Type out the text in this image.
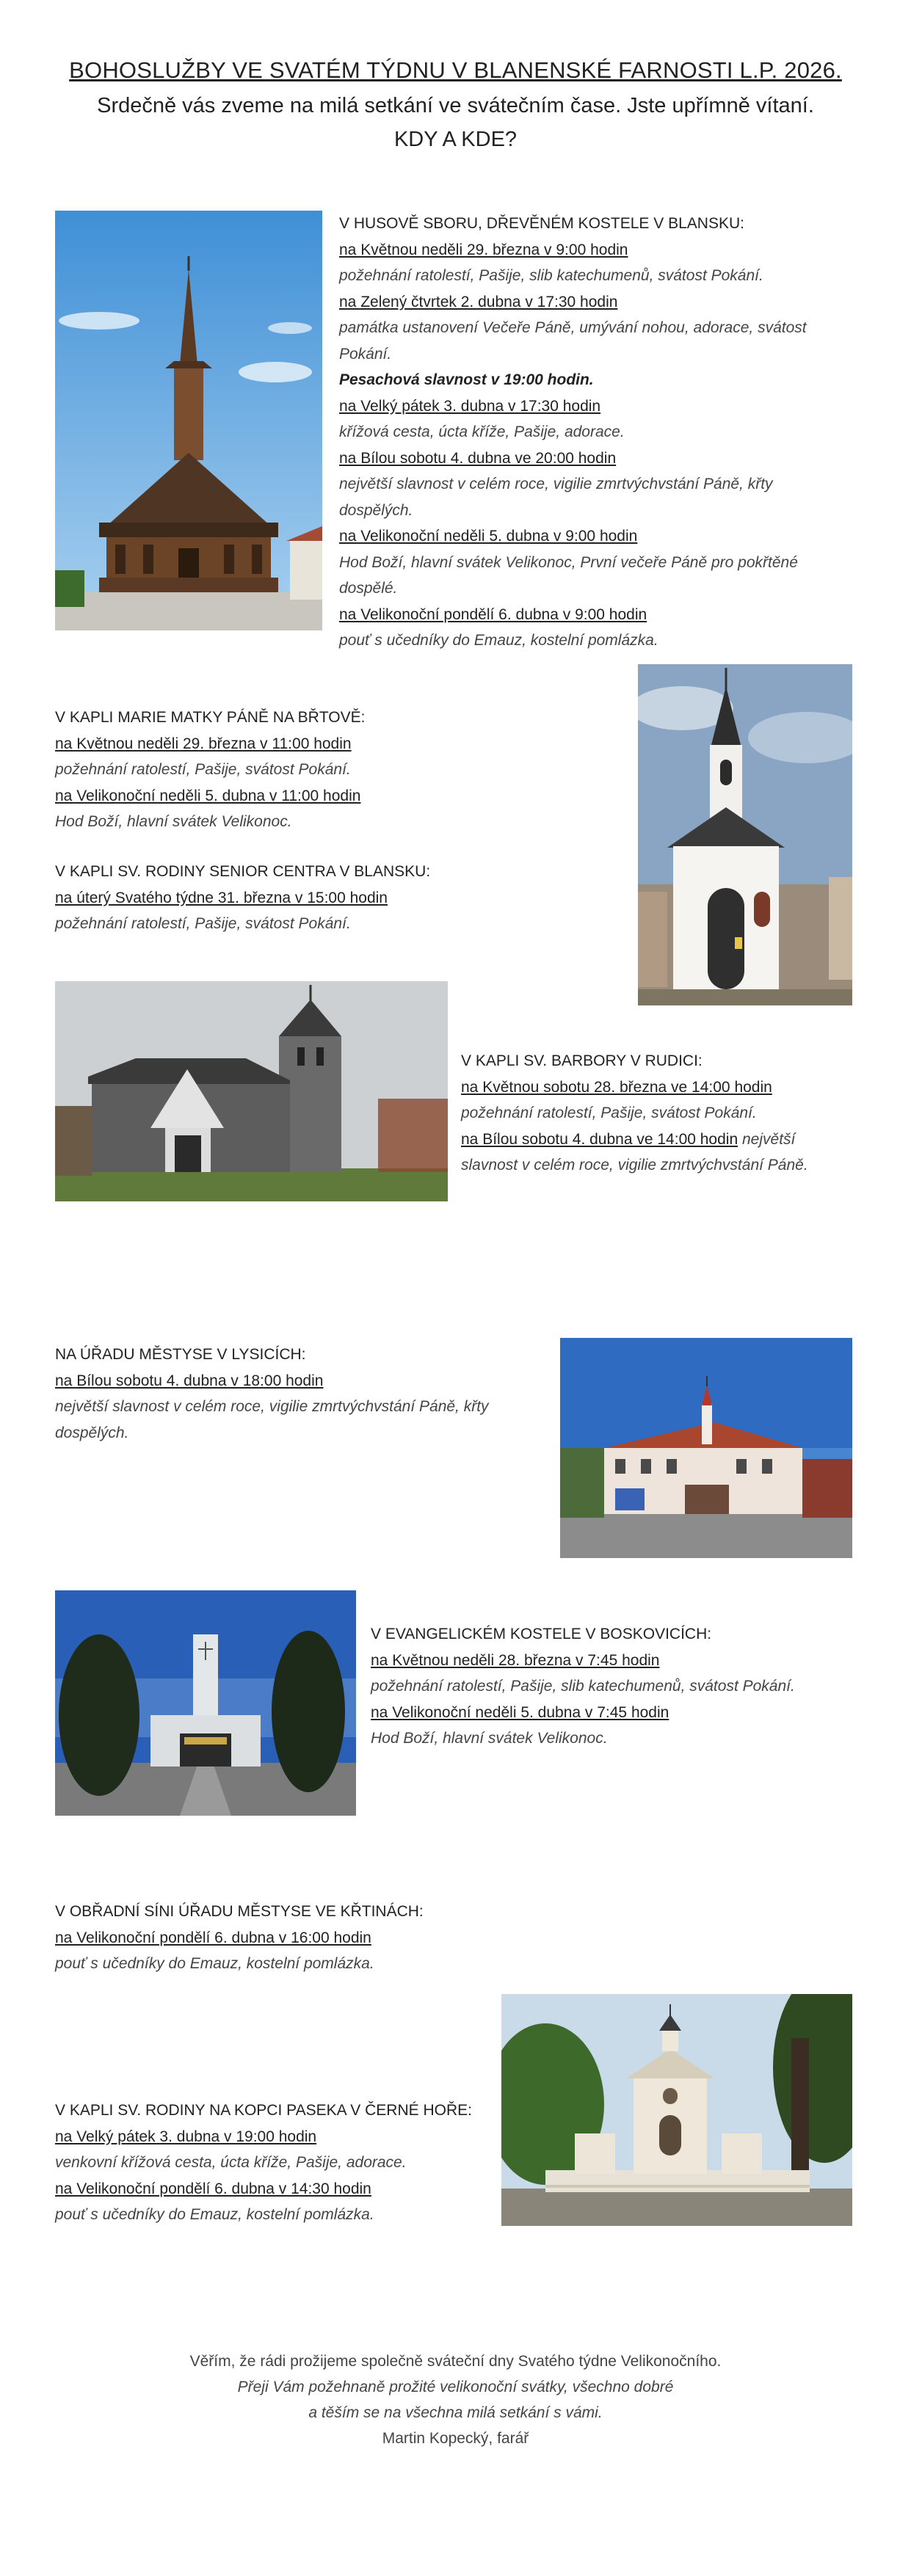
BOHOSLUŽBY VE SVATÉM TÝDNU V BLANENSKÉ FARNOSTI L.P. 2026.
Srdečně vás zveme na milá setkání ve svátečním čase. Jste upřímně vítaní.
KDY A KDE?
V HUSOVĚ SBORU, DŘEVĚNÉM KOSTELE V BLANSKU:
na Květnou neděli 29. března v 9:00 hodin
požehnání ratolestí, Pašije, slib katechumenů, svátost Pokání.
na Zelený čtvrtek 2. dubna v 17:30 hodin
památka ustanovení Večeře Páně, umývání nohou, adorace, svátost
Pokání.
Pesachová slavnost v 19:00 hodin.
na Velký pátek 3. dubna v 17:30 hodin
křížová cesta, úcta kříže, Pašije, adorace.
na Bílou sobotu 4. dubna ve 20:00 hodin
největší slavnost v celém roce, vigilie zmrtvýchvstání Páně, křty
dospělých.
na Velikonoční neděli 5. dubna v 9:00 hodin
Hod Boží, hlavní svátek Velikonoc, První večeře Páně pro pokřtěné
dospělé.
na Velikonoční pondělí 6. dubna v 9:00 hodin
pouť s učedníky do Emauz, kostelní pomlázka.
V KAPLI MARIE MATKY PÁNĚ NA BŘTOVĚ:
na Květnou neděli 29. března v 11:00 hodin
požehnání ratolestí, Pašije, svátost Pokání.
na Velikonoční neděli 5. dubna v 11:00 hodin
Hod Boží, hlavní svátek Velikonoc.
V KAPLI SV. RODINY SENIOR CENTRA V BLANSKU:
na úterý Svatého týdne 31. března v 15:00 hodin
požehnání ratolestí, Pašije, svátost Pokání.
V KAPLI SV. BARBORY V RUDICI:
na Květnou sobotu 28. března ve 14:00 hodin
požehnání ratolestí, Pašije, svátost Pokání.
na Bílou sobotu 4. dubna ve 14:00 hodin největší
slavnost v celém roce, vigilie zmrtvýchvstání Páně.
NA ÚŘADU MĚSTYSE V LYSICÍCH:
na Bílou sobotu 4. dubna v 18:00 hodin
největší slavnost v celém roce, vigilie zmrtvýchvstání Páně, křty
dospělých.
V EVANGELICKÉM KOSTELE V BOSKOVICÍCH:
na Květnou neděli 28. března v 7:45 hodin
požehnání ratolestí, Pašije, slib katechumenů, svátost Pokání.
na Velikonoční neděli 5. dubna v 7:45 hodin
Hod Boží, hlavní svátek Velikonoc.
V OBŘADNÍ SÍNI ÚŘADU MĚSTYSE VE KŘTINÁCH:
na Velikonoční pondělí 6. dubna v 16:00 hodin
pouť s učedníky do Emauz, kostelní pomlázka.
V KAPLI SV. RODINY NA KOPCI PASEKA V ČERNÉ HOŘE:
na Velký pátek 3. dubna v 19:00 hodin
venkovní křížová cesta, úcta kříže, Pašije, adorace.
na Velikonoční pondělí 6. dubna v 14:30 hodin
pouť s učedníky do Emauz, kostelní pomlázka.
Věřím, že rádi prožijeme společně sváteční dny Svatého týdne Velikonočního.
Přeji Vám požehnaně prožité velikonoční svátky, všechno dobré
a těším se na všechna milá setkání s vámi.
Martin Kopecký, farář
